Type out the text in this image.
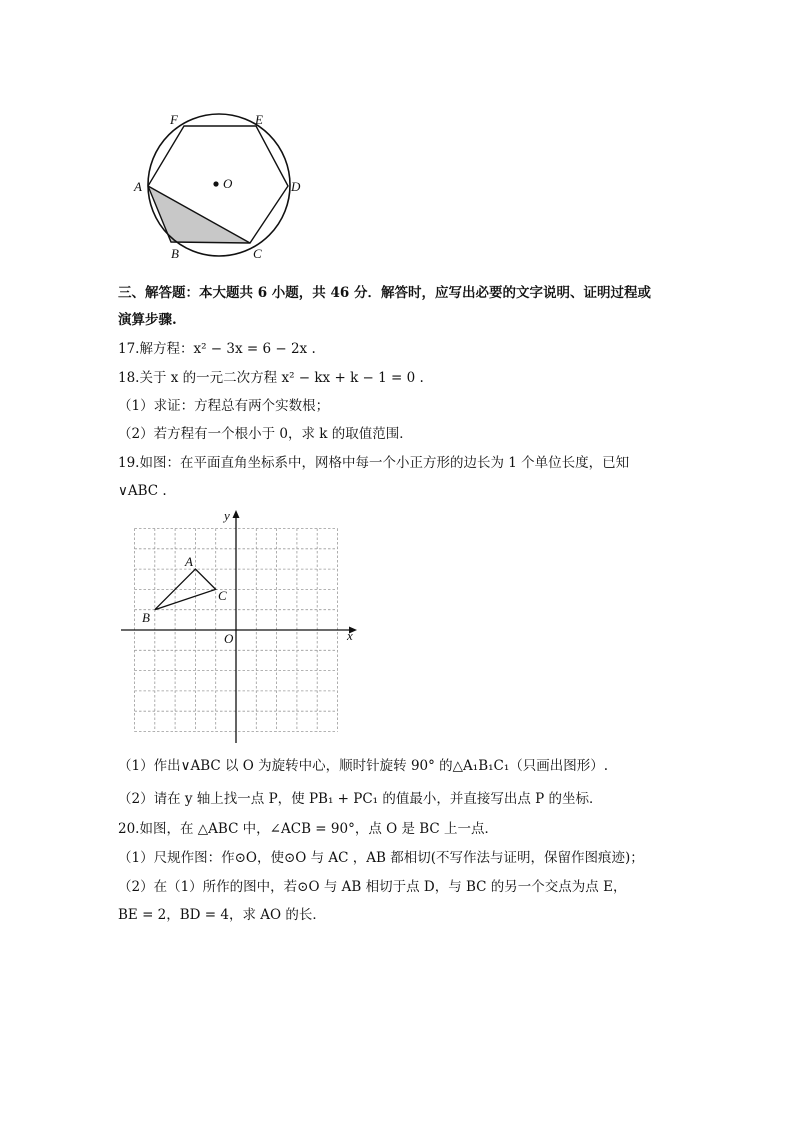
F	E
A	O	D
B	C
三、解答题：本大题共 6 小题，共 46 分．解答时，应写出必要的文字说明、证明过程或
演算步骤.
17.解方程：x² − 3x = 6 − 2x .
18.关于 x 的一元二次方程 x² − kx + k − 1 = 0 .
（1）求证：方程总有两个实数根；
（2）若方程有一个根小于 0，求 k 的取值范围．
19.如图：在平面直角坐标系中，网格中每一个小正方形的边长为 1 个单位长度，已知
∨ABC .
y
x
O
A
B
C
（1）作出∨ABC 以 O 为旋转中心，顺时针旋转 90° 的△A₁B₁C₁（只画出图形）.
（2）请在 y 轴上找一点 P，使 PB₁ + PC₁ 的值最小，并直接写出点 P 的坐标．
20.如图，在 △ABC 中，∠ACB = 90°，点 O 是 BC 上一点．
（1）尺规作图：作⊙O，使⊙O 与 AC ，AB 都相切(不写作法与证明，保留作图痕迹)；
（2）在（1）所作的图中，若⊙O 与 AB 相切于点 D，与 BC 的另一个交点为点 E，
BE = 2，BD = 4，求 AO 的长．
